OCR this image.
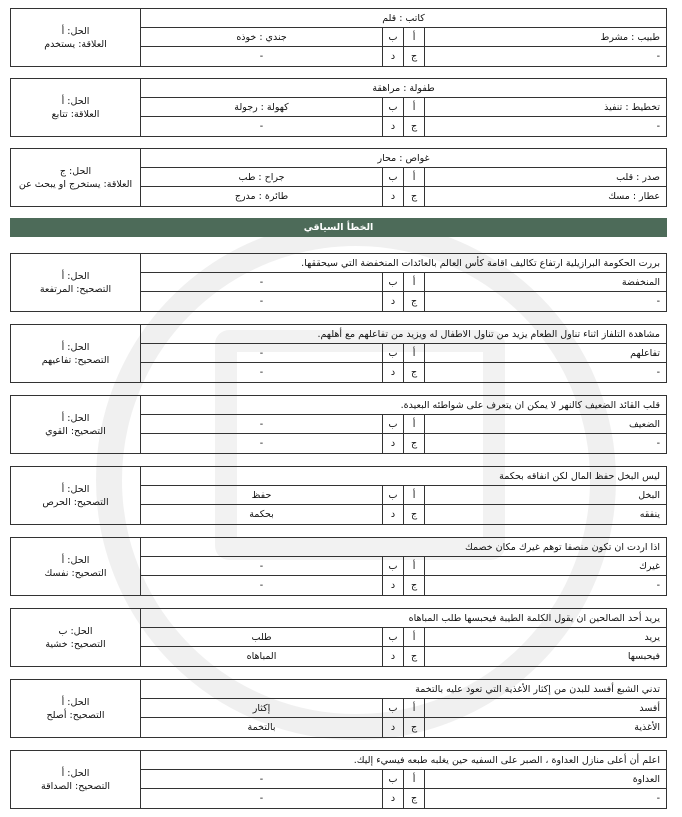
كاتب : قلم
طبيب : مشرط
أ
ب
جندي : خوذه
-
ج
د
-
الحل: أ
العلاقة: يستخدم
طفولة : مراهقة
تخطيط : تنفيذ
أ
ب
كهولة : رجولة
-
ج
د
-
الحل: أ
العلاقة: تتابع
غواص : محار
صدر : قلب
أ
ب
جراح : طب
عطار : مسك
ج
د
طائرة : مدرج
الحل: ج
العلاقة: يستخرج او يبحث عن
الخطأ السياقي
بررت الحكومة البرازيلية ارتفاع تكاليف اقامة كأس العالم بالعائدات المنخفضة التي سيحققها.
المنخفضة
أ
ب
-
-
ج
د
-
الحل: أ
التصحيح: المرتفعة
مشاهدة التلفاز اثناء تناول الطعام يزيد من تناول الاطفال له ويزيد من تفاعلهم مع أهلهم.
تفاعلهم
أ
ب
-
-
ج
د
-
الحل: أ
التصحيح: تفاعيهم
قلب القائد الضعيف كالنهر لا يمكن ان يتعرف على شواطئه البعيدة.
الضعيف
أ
ب
-
-
ج
د
-
الحل: أ
التصحيح: القوي
ليس البخل حفظ المال لكن انفاقه بحكمة
البخل
أ
ب
حفظ
ينفقه
ج
د
بحكمة
الحل: أ
التصحيح: الحرص
اذا اردت ان تكون منصفا توهم غيرك مكان خصمك
غيرك
أ
ب
-
-
ج
د
-
الحل: أ
التصحيح: نفسك
يريد أحد الصالحين ان يقول الكلمة الطيبة فيحبسها طلب المباهاه
يريد
أ
ب
طلب
فيحبسها
ج
د
المباهاه
الحل: ب
التصحيح: خشية
تدني الشبع أفسد للبدن من إكثار الأغذية التي تعود عليه بالتخمة
أفسد
أ
ب
إكثار
الأغذية
ج
د
بالتخمة
الحل: أ
التصحيح: أصلح
اعلم أن أعلى منازل العداوة ، الصبر على السفيه حين يغلبه طبعه فيسيء إليك.
العداوة
أ
ب
-
-
ج
د
-
الحل: أ
التصحيح: الصداقة
